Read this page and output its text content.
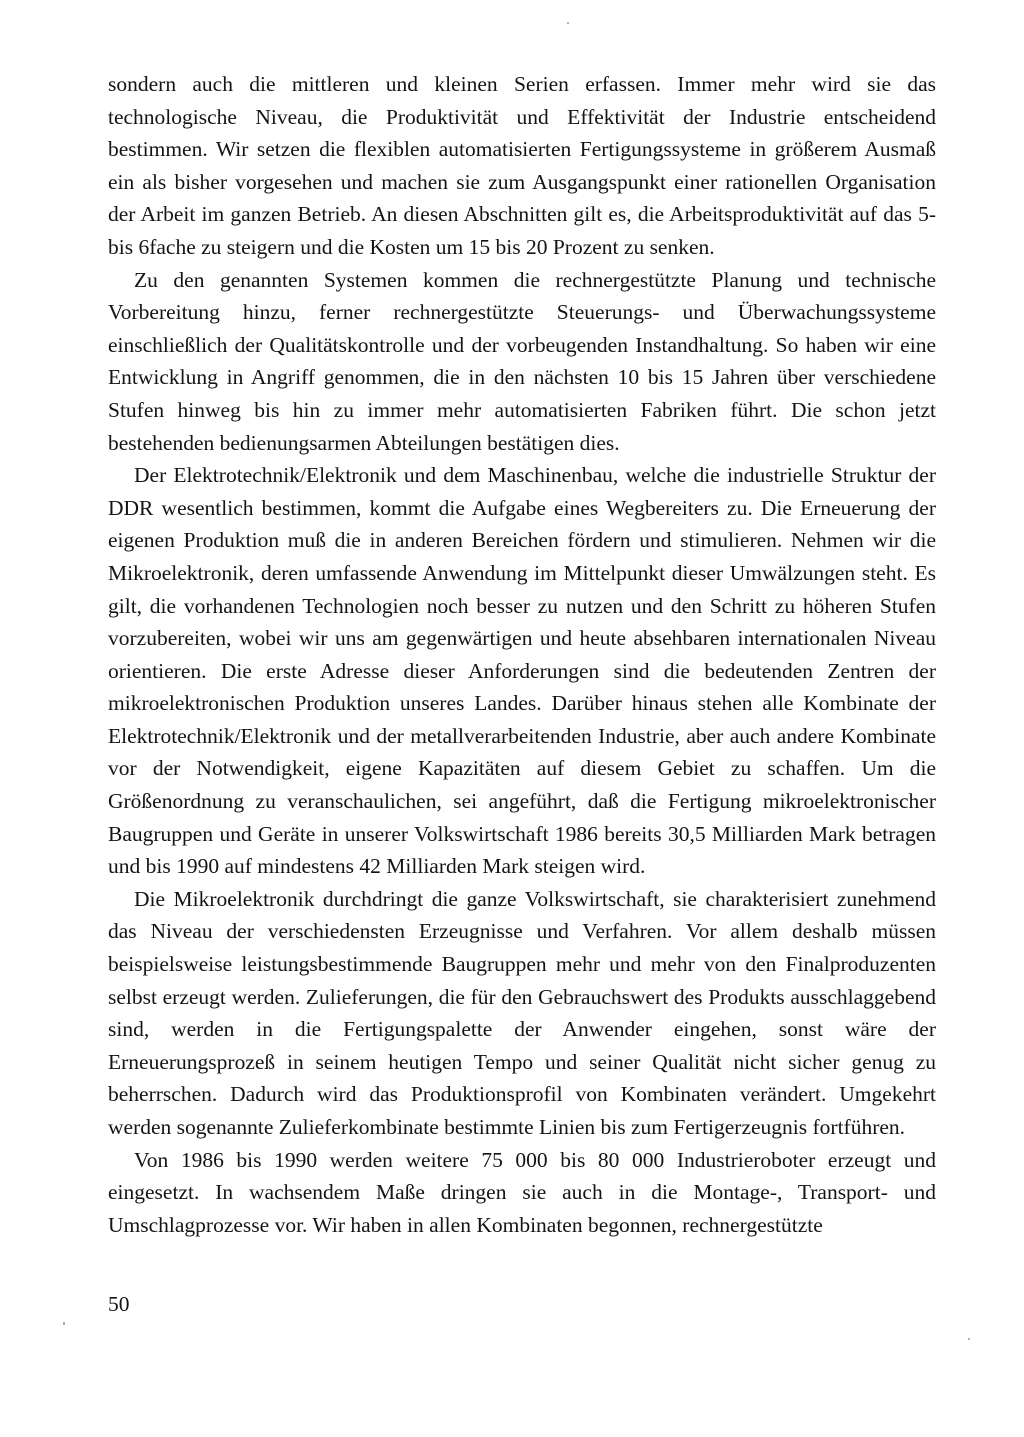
sondern auch die mittleren und kleinen Serien erfassen. Immer mehr wird sie das technologische Niveau, die Produktivität und Effektivität der Industrie entscheidend bestimmen. Wir setzen die flexiblen automatisierten Fertigungssysteme in größerem Ausmaß ein als bisher vorgesehen und machen sie zum Ausgangspunkt einer rationellen Organisation der Arbeit im ganzen Betrieb. An diesen Abschnitten gilt es, die Arbeitsproduktivität auf das 5- bis 6fache zu steigern und die Kosten um 15 bis 20 Prozent zu senken.

Zu den genannten Systemen kommen die rechnergestützte Planung und technische Vorbereitung hinzu, ferner rechnergestützte Steuerungs- und Überwachungssysteme einschließlich der Qualitätskontrolle und der vorbeugenden Instandhaltung. So haben wir eine Entwicklung in Angriff genommen, die in den nächsten 10 bis 15 Jahren über verschiedene Stufen hinweg bis hin zu immer mehr automatisierten Fabriken führt. Die schon jetzt bestehenden bedienungsarmen Abteilungen bestätigen dies.

Der Elektrotechnik/Elektronik und dem Maschinenbau, welche die industrielle Struktur der DDR wesentlich bestimmen, kommt die Aufgabe eines Wegbereiters zu. Die Erneuerung der eigenen Produktion muß die in anderen Bereichen fördern und stimulieren. Nehmen wir die Mikroelektronik, deren umfassende Anwendung im Mittelpunkt dieser Umwälzungen steht. Es gilt, die vorhandenen Technologien noch besser zu nutzen und den Schritt zu höheren Stufen vorzubereiten, wobei wir uns am gegenwärtigen und heute absehbaren internationalen Niveau orientieren. Die erste Adresse dieser Anforderungen sind die bedeutenden Zentren der mikroelektronischen Produktion unseres Landes. Darüber hinaus stehen alle Kombinate der Elektrotechnik/Elektronik und der metallverarbeitenden Industrie, aber auch andere Kombinate vor der Notwendigkeit, eigene Kapazitäten auf diesem Gebiet zu schaffen. Um die Größenordnung zu veranschaulichen, sei angeführt, daß die Fertigung mikroelektronischer Baugruppen und Geräte in unserer Volkswirtschaft 1986 bereits 30,5 Milliarden Mark betragen und bis 1990 auf mindestens 42 Milliarden Mark steigen wird.

Die Mikroelektronik durchdringt die ganze Volkswirtschaft, sie charakterisiert zunehmend das Niveau der verschiedensten Erzeugnisse und Verfahren. Vor allem deshalb müssen beispielsweise leistungsbestimmende Baugruppen mehr und mehr von den Finalproduzenten selbst erzeugt werden. Zulieferungen, die für den Gebrauchswert des Produkts ausschlaggebend sind, werden in die Fertigungspalette der Anwender eingehen, sonst wäre der Erneuerungsprozeß in seinem heutigen Tempo und seiner Qualität nicht sicher genug zu beherrschen. Dadurch wird das Produktionsprofil von Kombinaten verändert. Umgekehrt werden sogenannte Zulieferkombinate bestimmte Linien bis zum Fertigerzeugnis fortführen.

Von 1986 bis 1990 werden weitere 75 000 bis 80 000 Industrieroboter erzeugt und eingesetzt. In wachsendem Maße dringen sie auch in die Montage-, Transport- und Umschlagprozesse vor. Wir haben in allen Kombinaten begonnen, rechnergestützte

50
